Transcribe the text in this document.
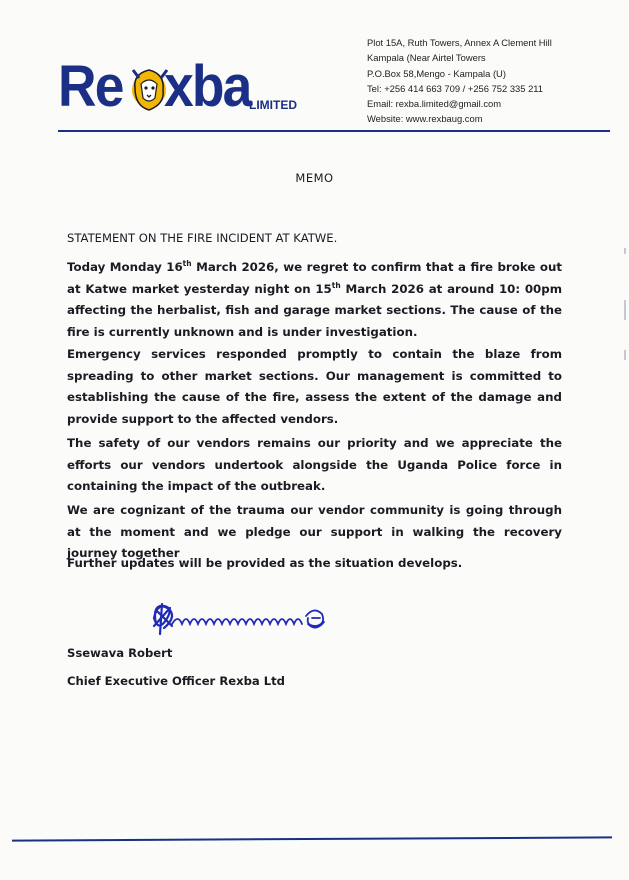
Re xba
LIMITED
Plot 15A, Ruth Towers, Annex A Clement Hill
Kampala (Near Airtel Towers
P.O.Box 58,Mengo - Kampala (U)
Tel: +256 414 663 709 / +256 752 335 211
Email: rexba.limited@gmail.com
Website: www.rexbaug.com
MEMO
STATEMENT ON THE FIRE INCIDENT AT KATWE.

Today Monday 16th March 2026, we regret to confirm that a fire broke out at Katwe market yesterday night on 15th March 2026 at around 10: 00pm affecting the herbalist, fish and garage market sections. The cause of the fire is currently unknown and is under investigation.

Emergency services responded promptly to contain the blaze from spreading to other market sections. Our management is committed to establishing the cause of the fire, assess the extent of the damage and provide support to the affected vendors.

The safety of our vendors remains our priority and we appreciate the efforts our vendors undertook alongside the Uganda Police force in containing the impact of the outbreak.

We are cognizant of the trauma our vendor community is going through at the moment and we pledge our support in walking the recovery journey together

Further updates will be provided as the situation develops.

Ssewava Robert
Chief Executive Officer Rexba Ltd
